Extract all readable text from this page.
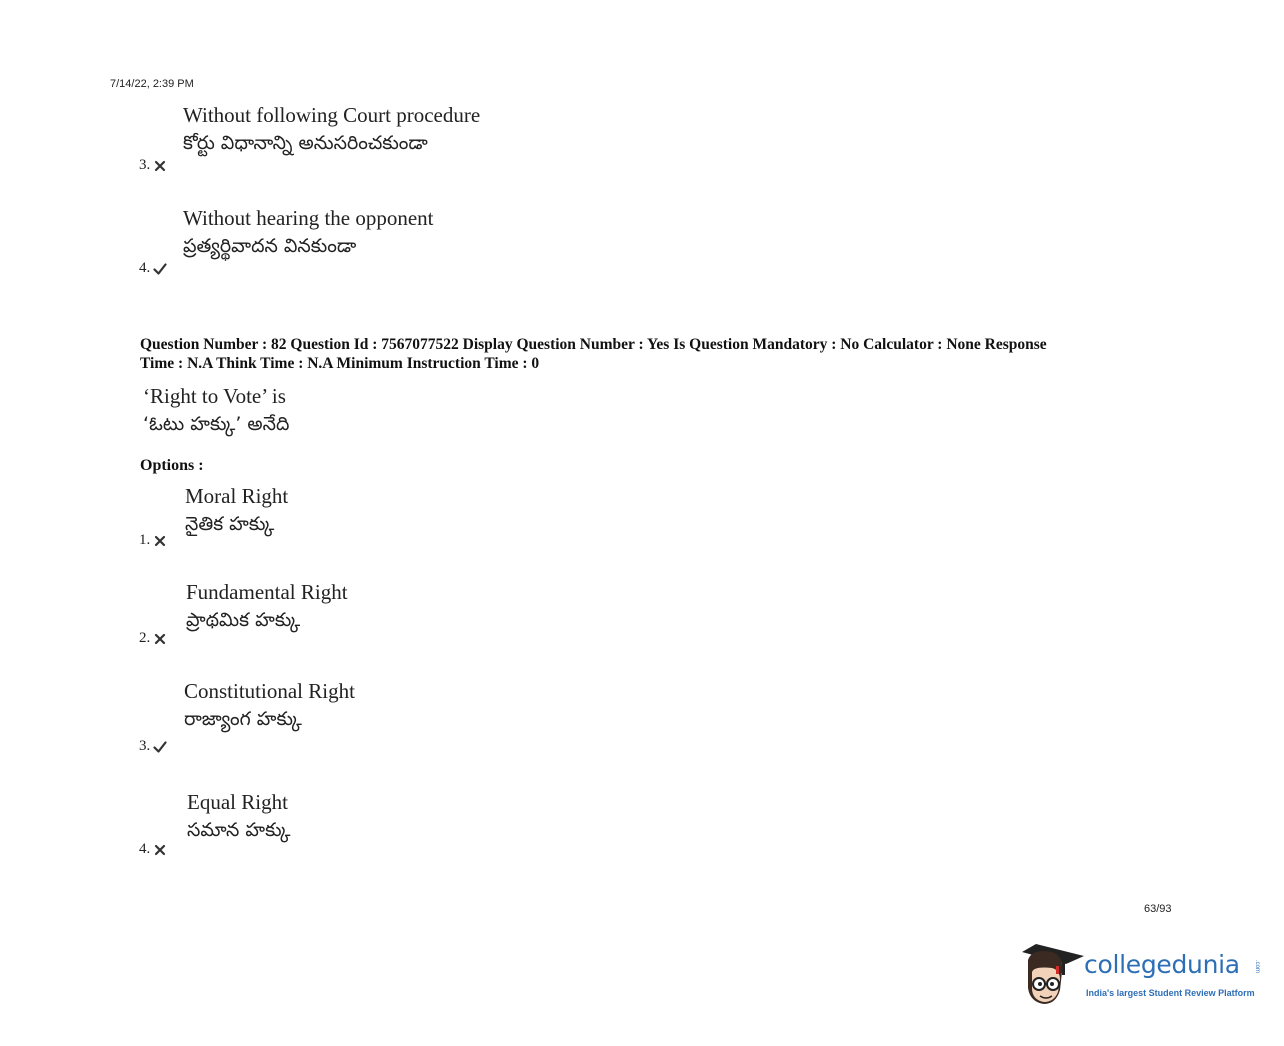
7/14/22, 2:39 PM
Without following Court procedure
కోర్టు విధానాన్ని అనుసరించకుండా
3.
Without hearing the opponent
ప్రత్యర్థివాదన వినకుండా
4.
Question Number : 82 Question Id : 7567077522 Display Question Number : Yes Is Question Mandatory : No Calculator : None Response
Time : N.A Think Time : N.A Minimum Instruction Time : 0
‘Right to Vote’ is
‘ఓటు హక్కు’ అనేది
Options :
Moral Right
నైతిక హక్కు
1.
Fundamental Right
ప్రాథమిక హక్కు
2.
Constitutional Right
రాజ్యాంగ హక్కు
3.
Equal Right
సమాన హక్కు
4.
63/93
collegedunia .com
India's largest Student Review Platform
